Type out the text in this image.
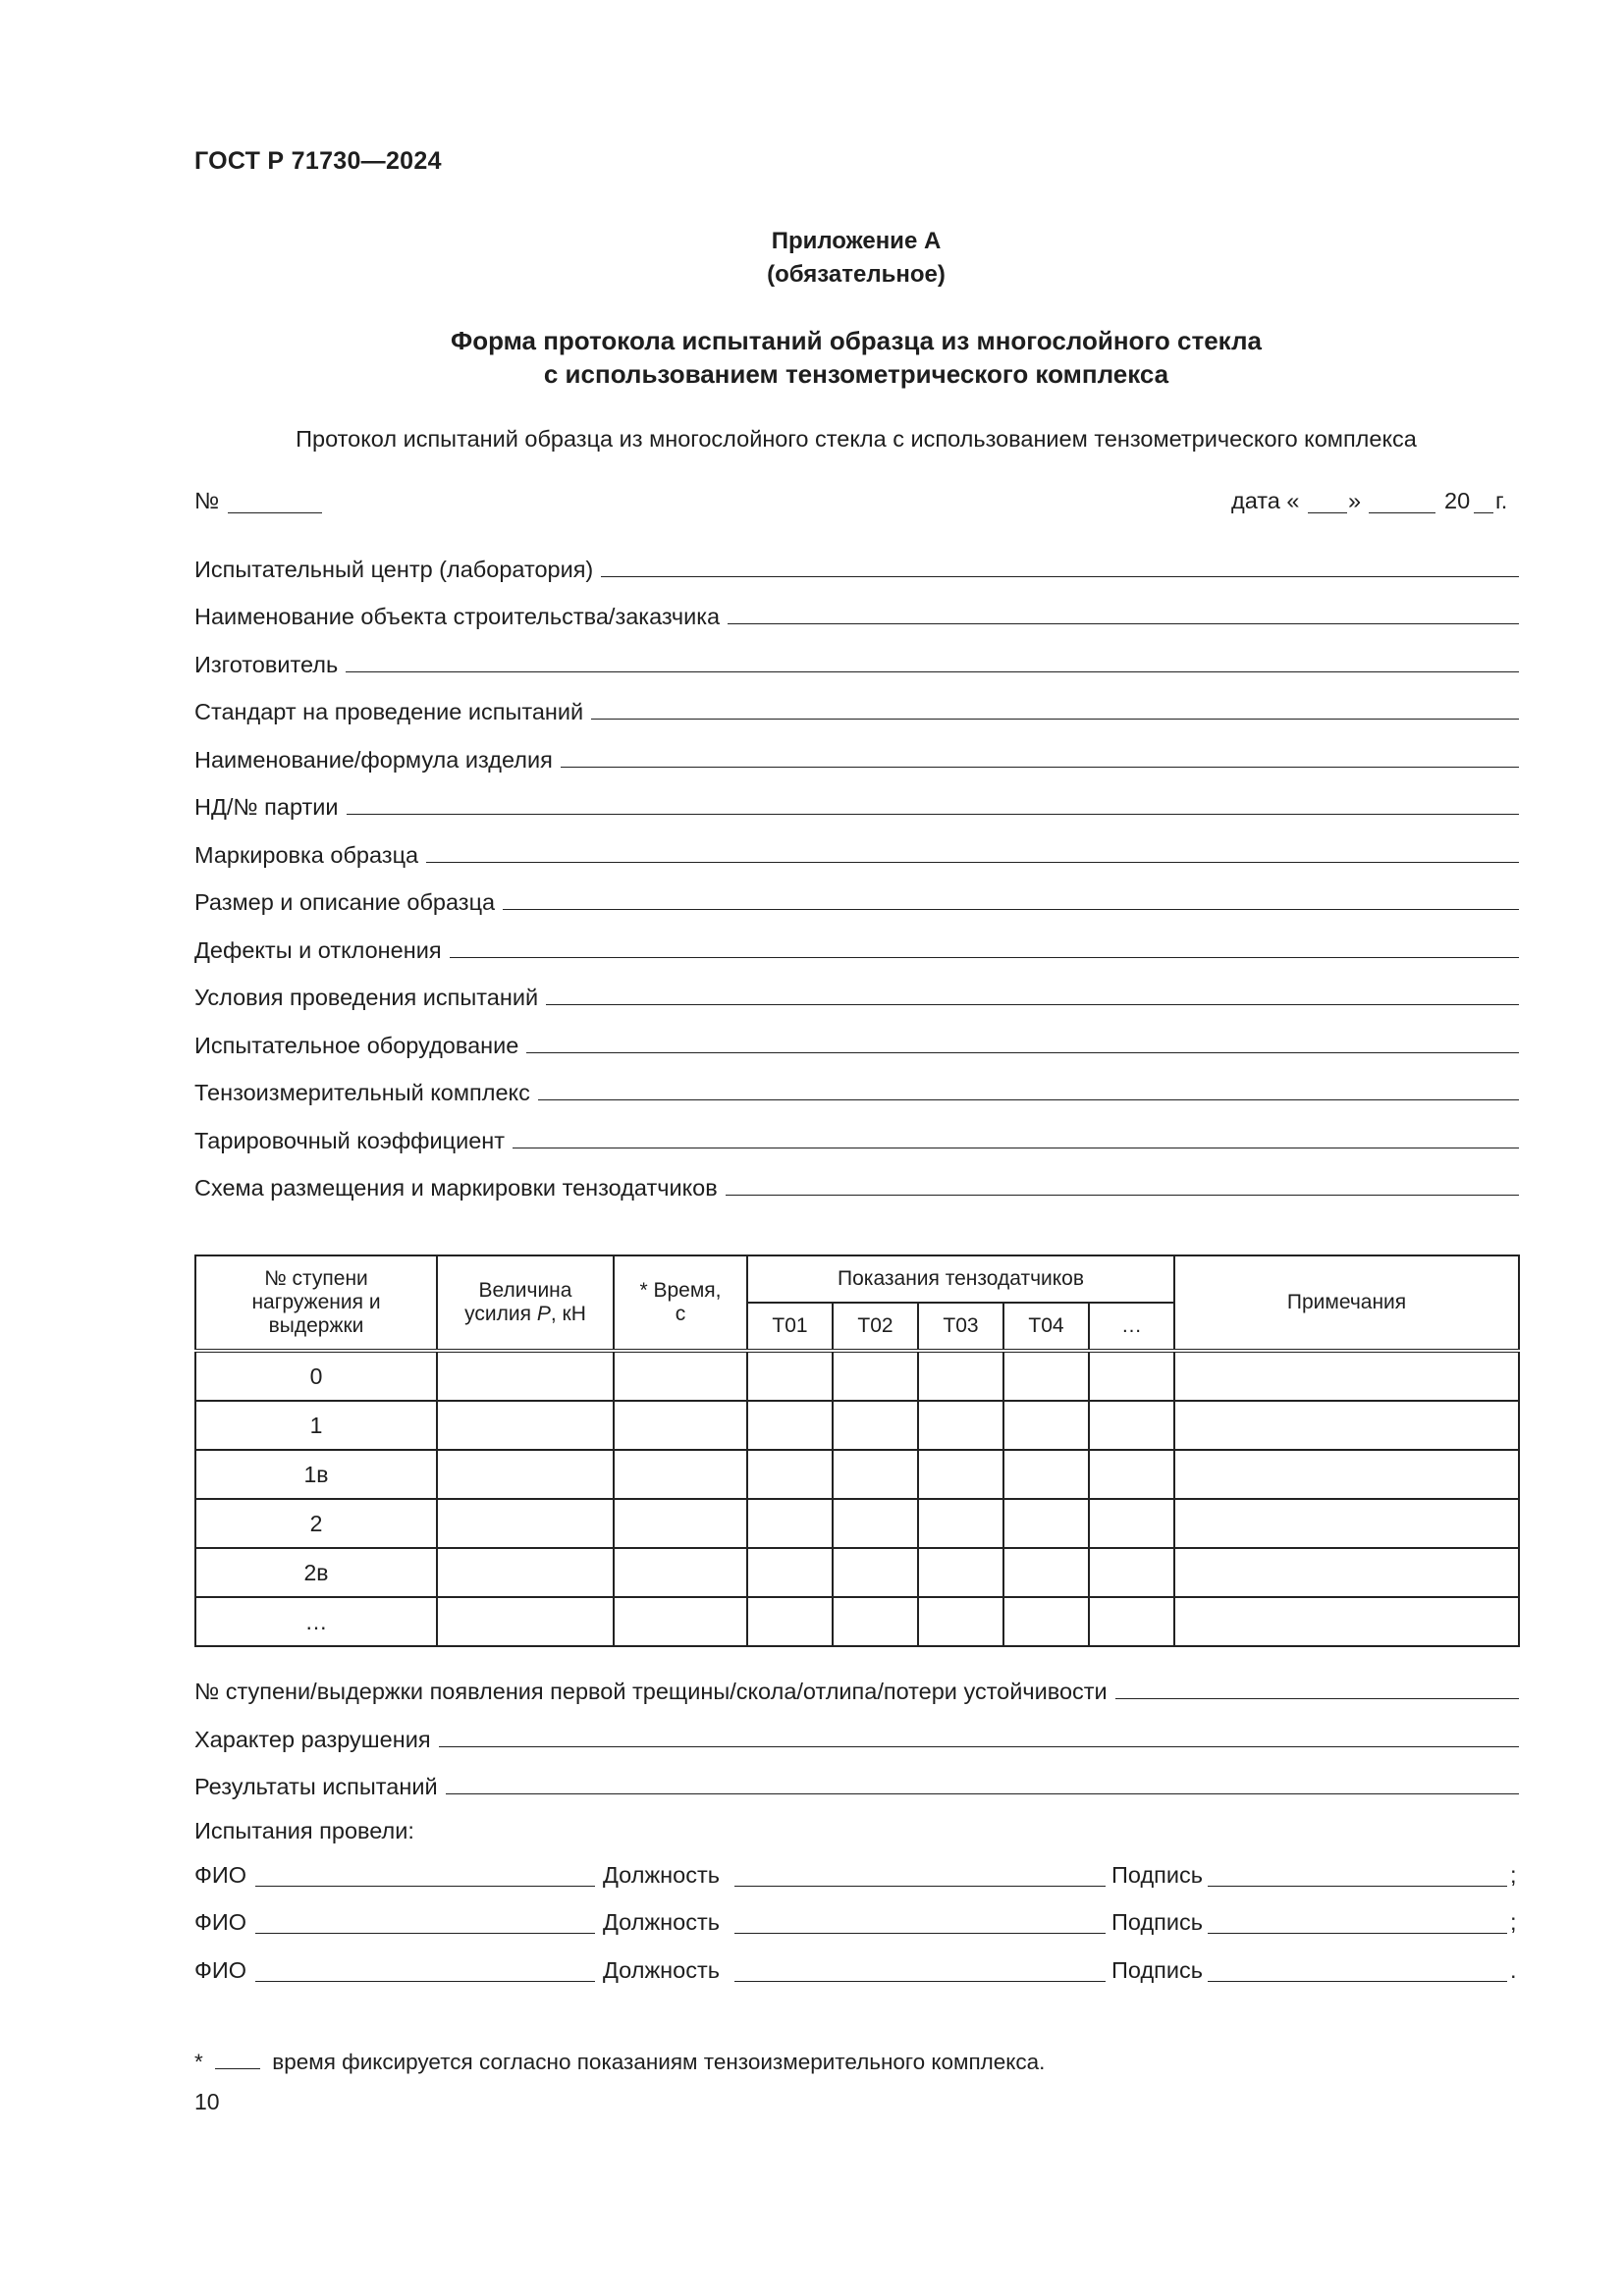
ГОСТ Р 71730—2024
Приложение А
(обязательное)
Форма протокола испытаний образца из многослойного стекла
с использованием тензометрического комплекса
Протокол испытаний образца из многослойного стекла с использованием тензометрического комплекса
№	дата « »	20 г.
Испытательный центр (лаборатория)
Наименование объекта строительства/заказчика
Изготовитель
Стандарт на проведение испытаний
Наименование/формула изделия
НД/№ партии
Маркировка образца
Размер и описание образца
Дефекты и отклонения
Условия проведения испытаний
Испытательное оборудование
Тензоизмерительный комплекс
Тарировочный коэффициент
Схема размещения и маркировки тензодатчиков
№ ступени нагружения и выдержки	Величина усилия P, кН	* Время, с	Показания тензодатчиков					Примечания
			T01	T02	T03	T04	…	
0								
1								
1в								
2								
2в								
…								
№ ступени/выдержки появления первой трещины/скола/отлипа/потери устойчивости
Характер разрушения
Результаты испытаний
Испытания провели:
ФИО	Должность	Подпись	;
ФИО	Должность	Подпись	;
ФИО	Должность	Подпись	.
*	время фиксируется согласно показаниям тензоизмерительного комплекса.
10
